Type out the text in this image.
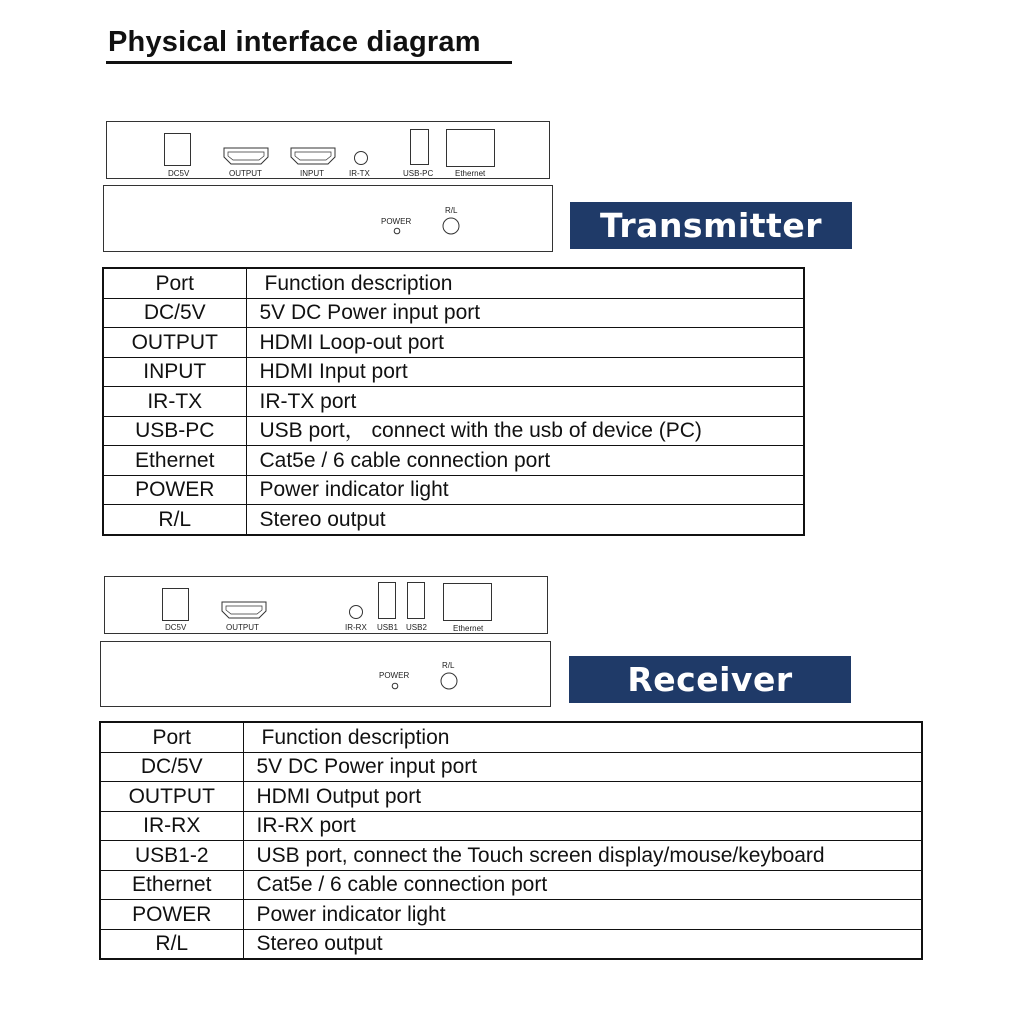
Physical interface diagram
DC5V	OUTPUT	INPUT	IR-TX	USB-PC	Ethernet
POWER
R/L	Transmitter
Port	Function description
DC/5V	5V DC Power input port
OUTPUT	HDMI Loop-out port
INPUT	HDMI Input port
IR-TX	IR-TX port
USB-PC	USB port， connect with the usb of device (PC)
Ethernet	Cat5e / 6 cable connection port
POWER	Power indicator light
R/L	Stereo output
DC5V	OUTPUT	IR-RX USB1 USB2	Ethernet
POWER
R/L	Receiver
Port	Function description
DC/5V	5V DC Power input port
OUTPUT	HDMI Output port
IR-RX	IR-RX port
USB1-2	USB port, connect the Touch screen display/mouse/keyboard
Ethernet	Cat5e / 6 cable connection port
POWER	Power indicator light
R/L	Stereo output
